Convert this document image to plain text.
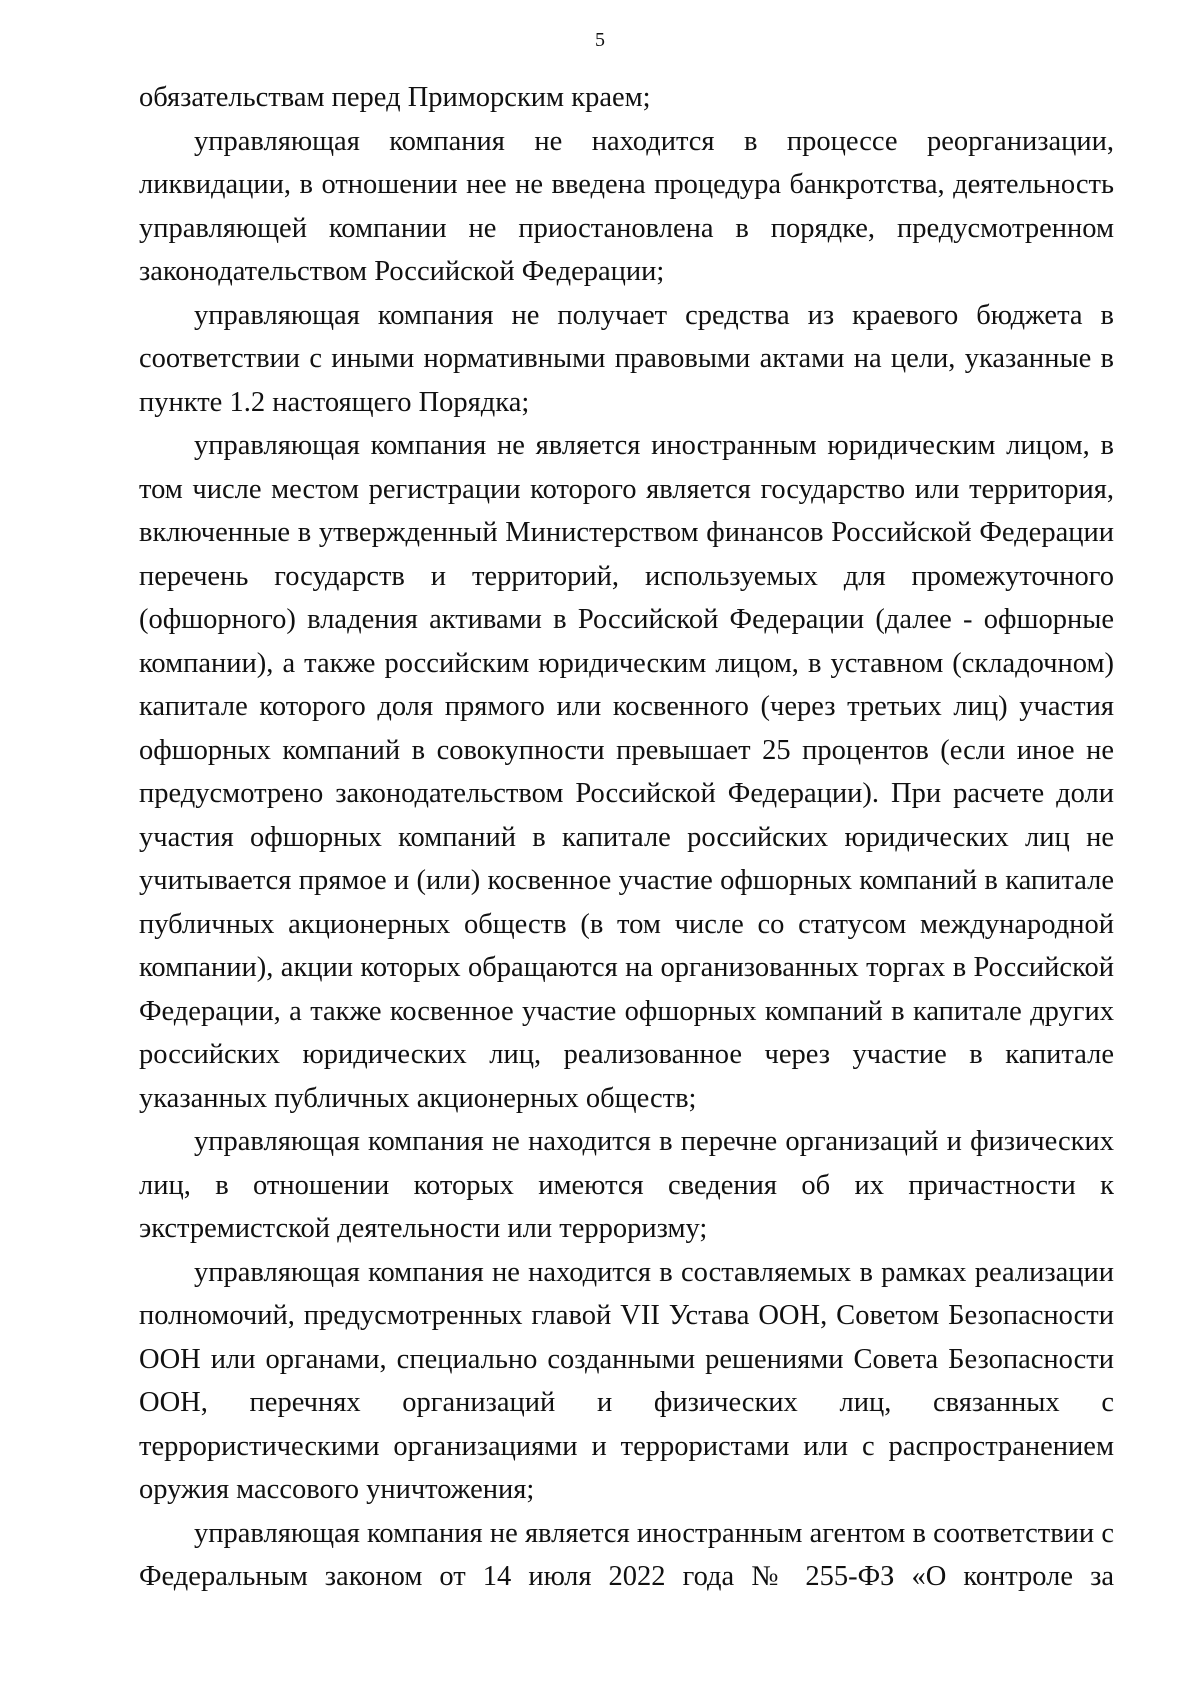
5

обязательствам перед Приморским краем;

управляющая компания не находится в процессе реорганизации, ликвидации, в отношении нее не введена процедура банкротства, деятельность управляющей компании не приостановлена в порядке, предусмотренном законодательством Российской Федерации;

управляющая компания не получает средства из краевого бюджета в соответствии с иными нормативными правовыми актами на цели, указанные в пункте 1.2 настоящего Порядка;

управляющая компания не является иностранным юридическим лицом, в том числе местом регистрации которого является государство или территория, включенные в утвержденный Министерством финансов Российской Федерации перечень государств и территорий, используемых для промежуточного (офшорного) владения активами в Российской Федерации (далее - офшорные компании), а также российским юридическим лицом, в уставном (складочном) капитале которого доля прямого или косвенного (через третьих лиц) участия офшорных компаний в совокупности превышает 25 процентов (если иное не предусмотрено законодательством Российской Федерации). При расчете доли участия офшорных компаний в капитале российских юридических лиц не учитывается прямое и (или) косвенное участие офшорных компаний в капитале публичных акционерных обществ (в том числе со статусом международной компании), акции которых обращаются на организованных торгах в Российской Федерации, а также косвенное участие офшорных компаний в капитале других российских юридических лиц, реализованное через участие в капитале указанных публичных акционерных обществ;

управляющая компания не находится в перечне организаций и физических лиц, в отношении которых имеются сведения об их причастности к экстремистской деятельности или терроризму;

управляющая компания не находится в составляемых в рамках реализации полномочий, предусмотренных главой VII Устава ООН, Советом Безопасности ООН или органами, специально созданными решениями Совета Безопасности ООН, перечнях организаций и физических лиц, связанных с террористическими организациями и террористами или с распространением оружия массового уничтожения;

управляющая компания не является иностранным агентом в соответствии с Федеральным законом от 14 июля 2022 года № 255-ФЗ «О контроле за
